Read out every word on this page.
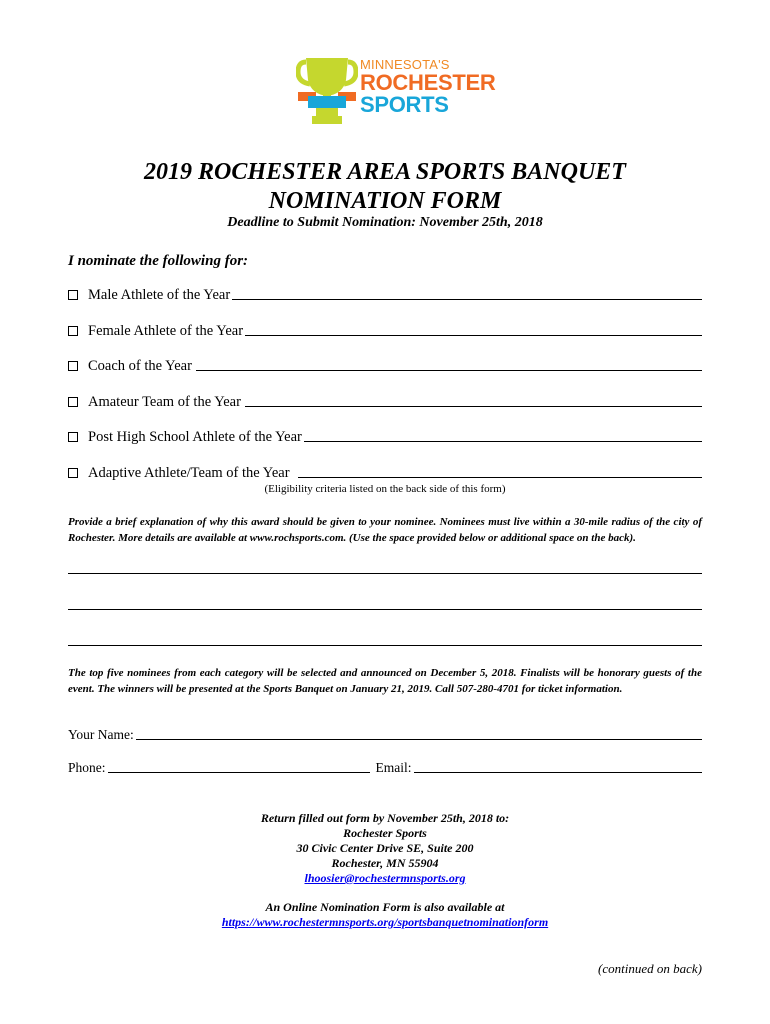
MINNESOTA'S
ROCHESTER
SPORTS
2019 ROCHESTER AREA SPORTS BANQUET
NOMINATION FORM
Deadline to Submit Nomination: November 25th, 2018
I nominate the following for:
Male Athlete of the Year
Female Athlete of the Year
Coach of the Year
Amateur Team of the Year
Post High School Athlete of the Year
Adaptive Athlete/Team of the Year
(Eligibility criteria listed on the back side of this form)

Provide a brief explanation of why this award should be given to your nominee. Nominees must live within a 30-mile radius of the city of Rochester. More details are available at www.rochsports.com. (Use the space provided below or additional space on the back).

The top five nominees from each category will be selected and announced on December 5, 2018. Finalists will be honorary guests of the event. The winners will be presented at the Sports Banquet on January 21, 2019. Call 507-280-4701 for ticket information.

Your Name:
Phone:	Email:
Return filled out form by November 25th, 2018 to:
Rochester Sports
30 Civic Center Drive SE, Suite 200
Rochester, MN 55904
lhoosier@rochestermnsports.org
An Online Nomination Form is also available at
https://www.rochestermnsports.org/sportsbanquetnominationform
(continued on back)
